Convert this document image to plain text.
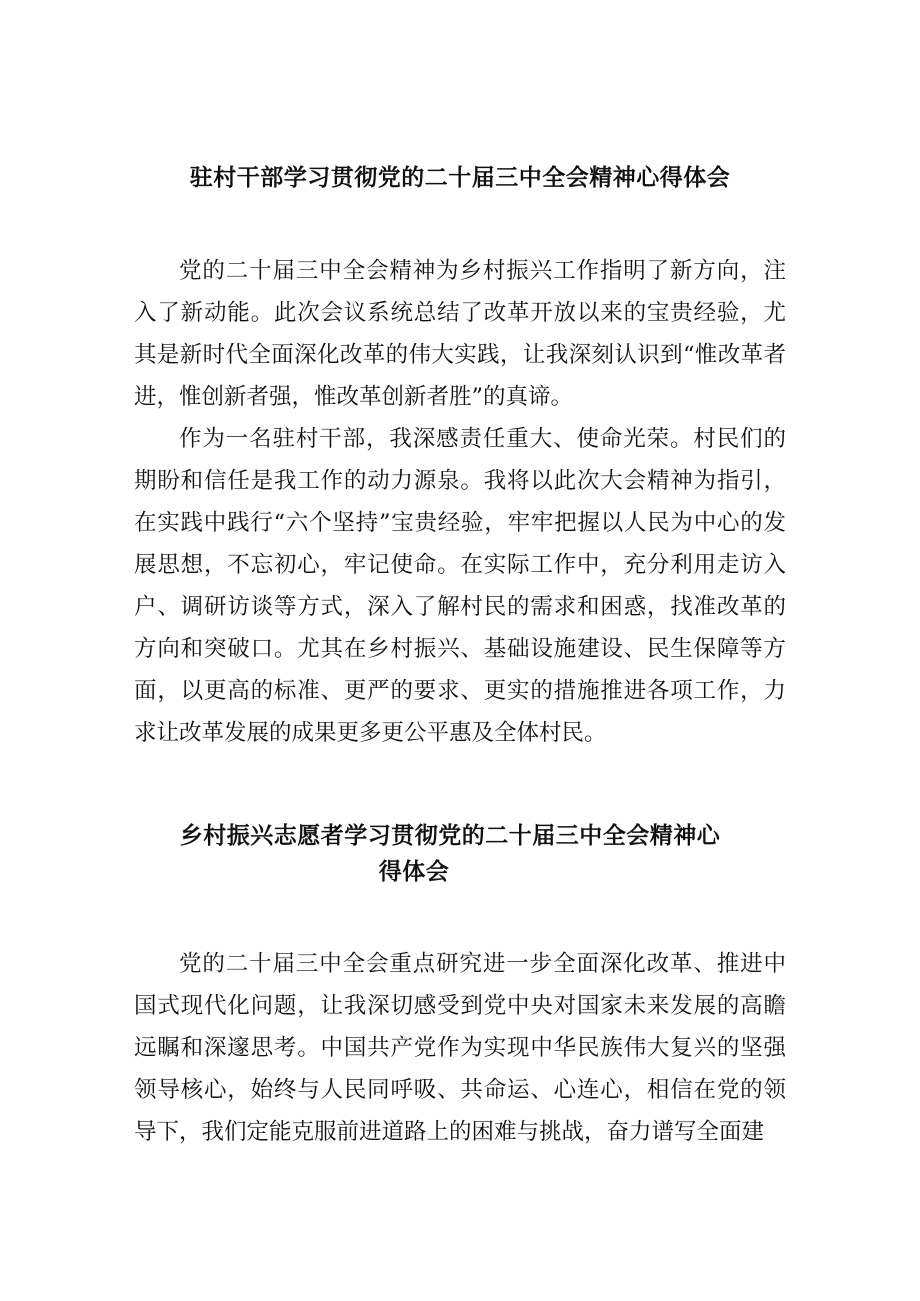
驻村干部学习贯彻党的二十届三中全会精神心得体会

党的二十届三中全会精神为乡村振兴工作指明了新方向，注入了新动能。此次会议系统总结了改革开放以来的宝贵经验，尤其是新时代全面深化改革的伟大实践，让我深刻认识到“惟改革者进，惟创新者强，惟改革创新者胜”的真谛。

作为一名驻村干部，我深感责任重大、使命光荣。村民们的期盼和信任是我工作的动力源泉。我将以此次大会精神为指引，在实践中践行“六个坚持”宝贵经验，牢牢把握以人民为中心的发展思想，不忘初心，牢记使命。在实际工作中，充分利用走访入户、调研访谈等方式，深入了解村民的需求和困惑，找准改革的方向和突破口。尤其在乡村振兴、基础设施建设、民生保障等方面，以更高的标准、更严的要求、更实的措施推进各项工作，力求让改革发展的成果更多更公平惠及全体村民。

乡村振兴志愿者学习贯彻党的二十届三中全会精神心
得体会

党的二十届三中全会重点研究进一步全面深化改革、推进中国式现代化问题，让我深切感受到党中央对国家未来发展的高瞻远瞩和深邃思考。中国共产党作为实现中华民族伟大复兴的坚强领导核心，始终与人民同呼吸、共命运、心连心，相信在党的领导下，我们定能克服前进道路上的困难与挑战，奋力谱写全面建
